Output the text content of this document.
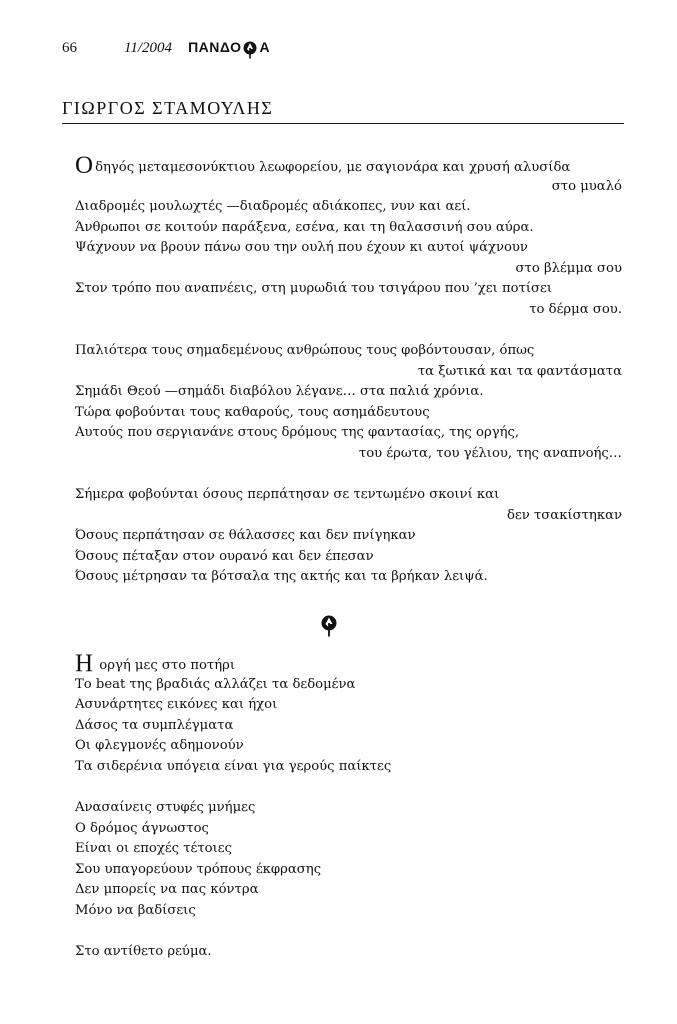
66	11/2004 ΠΑΝΔΟ Α
ΓΙΩΡΓΟΣ ΣΤΑΜΟΥΛΗΣ
Οδηγός μεταμεσονύκτιου λεωφορείου, με σαγιονάρα και χρυσή αλυσίδα
στο μυαλό
Διαδρομές μουλωχτές —διαδρομές αδιάκοπες, νυν και αεί.
Άνθρωποι σε κοιτούν παράξενα, εσένα, και τη θαλασσινή σου αύρα.
Ψάχνουν να βρουν πάνω σου την ουλή που έχουν κι αυτοί ψάχνουν
στο βλέμμα σου
Στον τρόπο που αναπνέεις, στη μυρωδιά του τσιγάρου που ’χει ποτίσει
το δέρμα σου.
Παλιότερα τους σημαδεμένους ανθρώπους τους φοβόντουσαν, όπως
τα ξωτικά και τα φαντάσματα
Σημάδι Θεού —σημάδι διαβόλου λέγανε… στα παλιά χρόνια.
Τώρα φοβούνται τους καθαρούς, τους ασημάδευτους
Αυτούς που σεργιανάνε στους δρόμους της φαντασίας, της οργής,
του έρωτα, του γέλιου, της αναπνοής…
Σήμερα φοβούνται όσους περπάτησαν σε τεντωμένο σκοινί και
δεν τσακίστηκαν
Όσους περπάτησαν σε θάλασσες και δεν πνίγηκαν
Όσους πέταξαν στον ουρανό και δεν έπεσαν
Όσους μέτρησαν τα βότσαλα της ακτής και τα βρήκαν λειψά.
Η οργή μες στο ποτήρι
Το beat της βραδιάς αλλάζει τα δεδομένα
Ασυνάρτητες εικόνες και ήχοι
Δάσος τα συμπλέγματα
Οι φλεγμονές αδημονούν
Τα σιδερένια υπόγεια είναι για γερούς παίκτες
Ανασαίνεις στυφές μνήμες
Ο δρόμος άγνωστος
Είναι οι εποχές τέτοιες
Σου υπαγορεύουν τρόπους έκφρασης
Δεν μπορείς να πας κόντρα
Μόνο να βαδίσεις
Στο αντίθετο ρεύμα.
